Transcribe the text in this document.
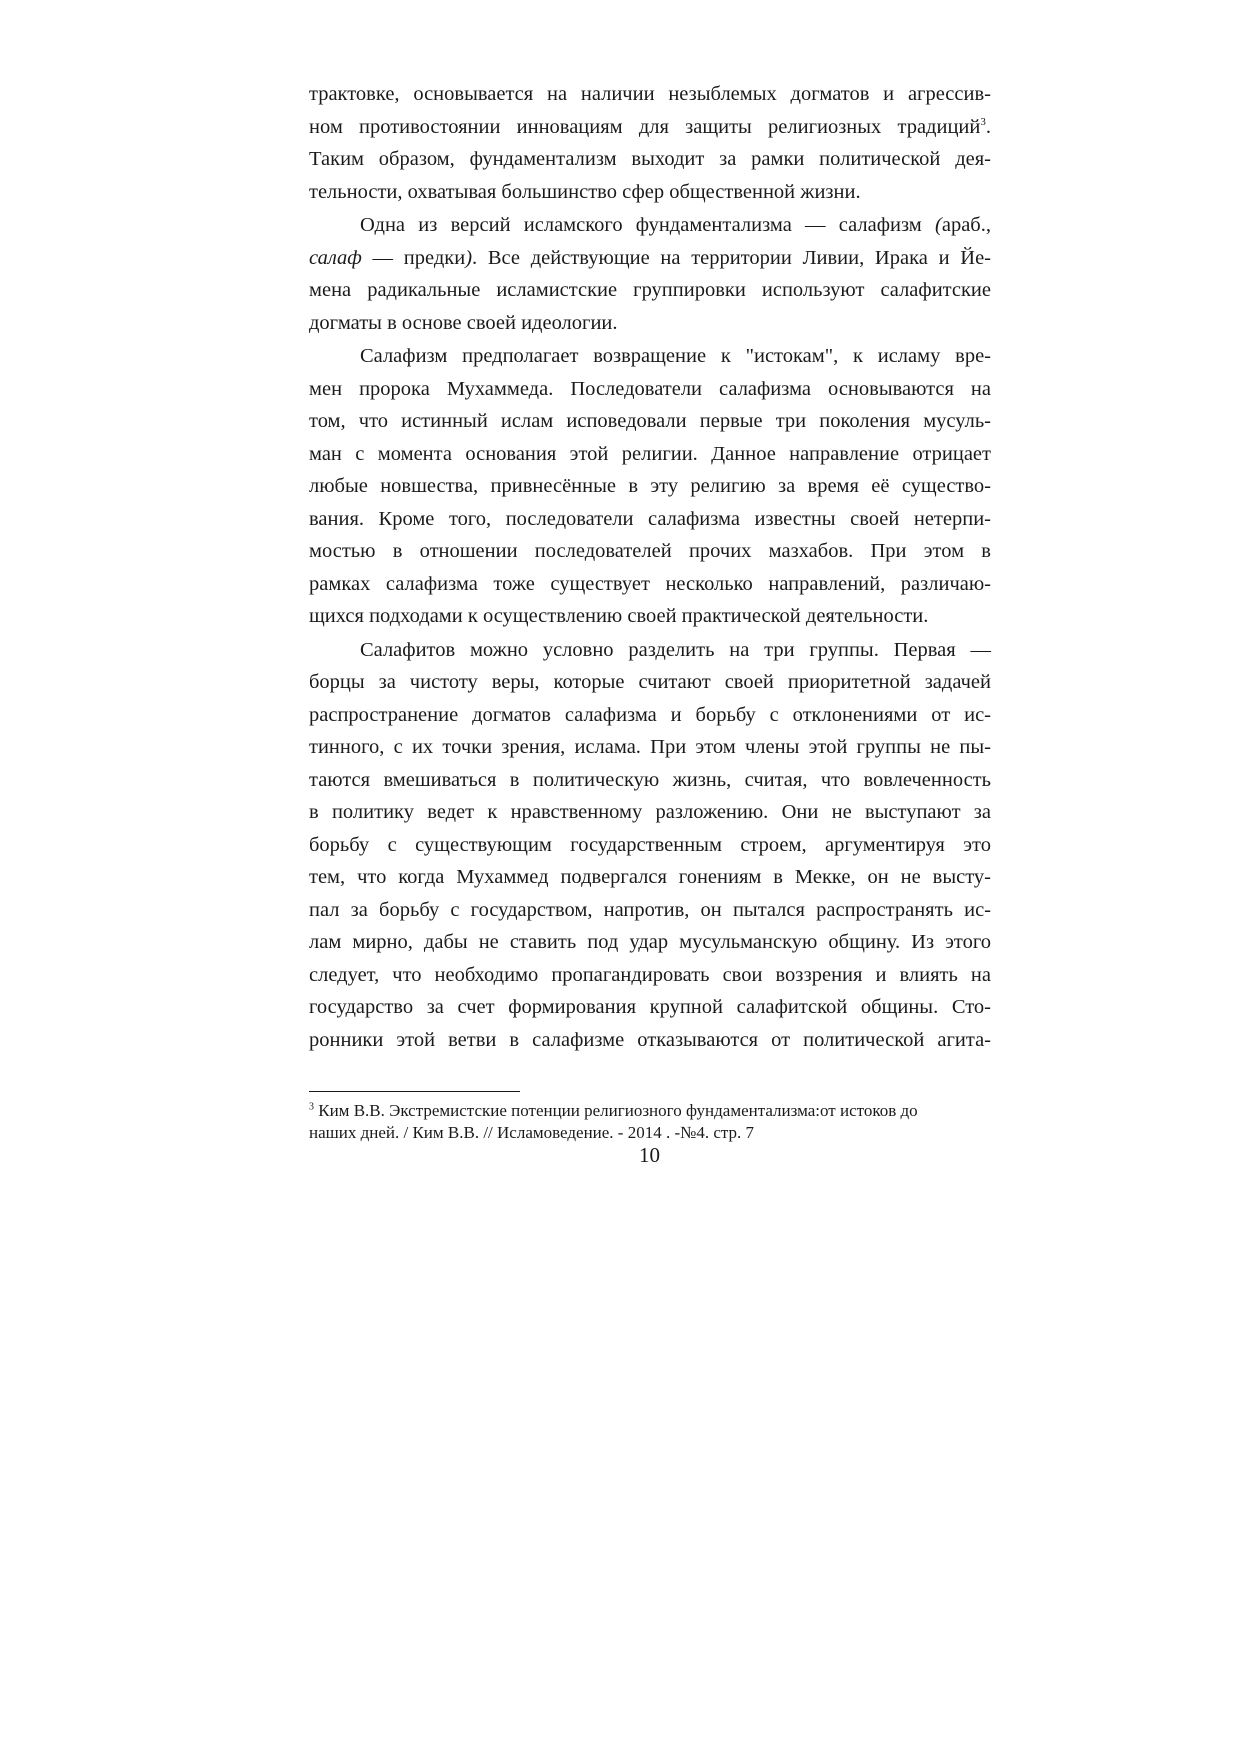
трактовке, основывается на наличии незыблемых догматов и агрессив-
ном противостоянии инновациям для защиты религиозных традиций$^3$.
Таким образом, фундаментализм выходит за рамки политической дея-
тельности, охватывая большинство сфер общественной жизни.
Одна из версий исламского фундаментализма — салафизм (араб.,
салаф — предки). Все действующие на территории Ливии, Ирака и Йе-
мена радикальные исламистские группировки используют салафитские
догматы в основе своей идеологии.
Салафизм предполагает возвращение к "истокам", к исламу вре-
мен пророка Мухаммеда. Последователи салафизма основываются на
том, что истинный ислам исповедовали первые три поколения мусуль-
ман с момента основания этой религии. Данное направление отрицает
любые новшества, привнесённые в эту религию за время её существо-
вания. Кроме того, последователи салафизма известны своей нетерпи-
мостью в отношении последователей прочих мазхабов. При этом в
рамках салафизма тоже существует несколько направлений, различаю-
щихся подходами к осуществлению своей практической деятельности.
Салафитов можно условно разделить на три группы. Первая —
борцы за чистоту веры, которые считают своей приоритетной задачей
распространение догматов салафизма и борьбу с отклонениями от ис-
тинного, с их точки зрения, ислама. При этом члены этой группы не пы-
таются вмешиваться в политическую жизнь, считая, что вовлеченность
в политику ведет к нравственному разложению. Они не выступают за
борьбу с существующим государственным строем, аргументируя это
тем, что когда Мухаммед подвергался гонениям в Мекке, он не высту-
пал за борьбу с государством, напротив, он пытался распространять ис-
лам мирно, дабы не ставить под удар мусульманскую общину. Из этого
следует, что необходимо пропагандировать свои воззрения и влиять на
государство за счет формирования крупной салафитской общины. Сто-
ронники этой ветви в салафизме отказываются от политической агита-
$^3$ Ким В.В. Экстремистские потенции религиозного фундаментализма:от истоков до
наших дней. / Ким В.В. // Исламоведение. - 2014 . -№4. стр. 7
10
